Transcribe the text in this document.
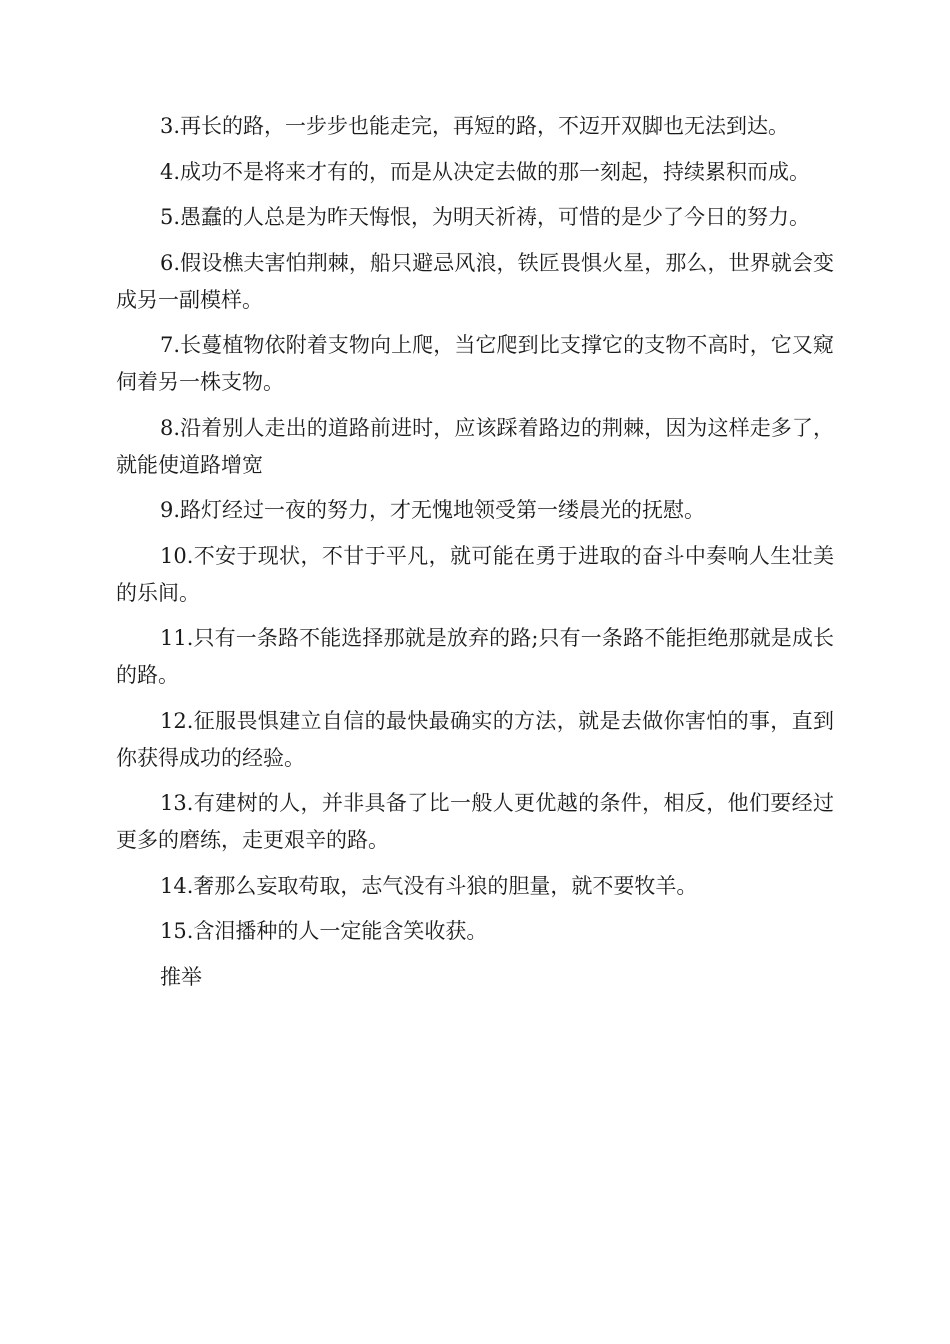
3.再长的路，一步步也能走完，再短的路，不迈开双脚也无法到达。

4.成功不是将来才有的，而是从决定去做的那一刻起，持续累积而成。

5.愚蠢的人总是为昨天悔恨，为明天祈祷，可惜的是少了今日的努力。

6.假设樵夫害怕荆棘，船只避忌风浪，铁匠畏惧火星，那么，世界就会变成另一副模样。

7.长蔓植物依附着支物向上爬，当它爬到比支撑它的支物不高时，它又窥伺着另一株支物。

8.沿着别人走出的道路前进时，应该踩着路边的荆棘，因为这样走多了，就能使道路增宽

9.路灯经过一夜的努力，才无愧地领受第一缕晨光的抚慰。

10.不安于现状，不甘于平凡，就可能在勇于进取的奋斗中奏响人生壮美的乐间。

11.只有一条路不能选择那就是放弃的路;只有一条路不能拒绝那就是成长的路。

12.征服畏惧建立自信的最快最确实的方法，就是去做你害怕的事，直到你获得成功的经验。

13.有建树的人，并非具备了比一般人更优越的条件，相反，他们要经过更多的磨练，走更艰辛的路。

14.奢那么妄取苟取，志气没有斗狼的胆量，就不要牧羊。

15.含泪播种的人一定能含笑收获。

推举
